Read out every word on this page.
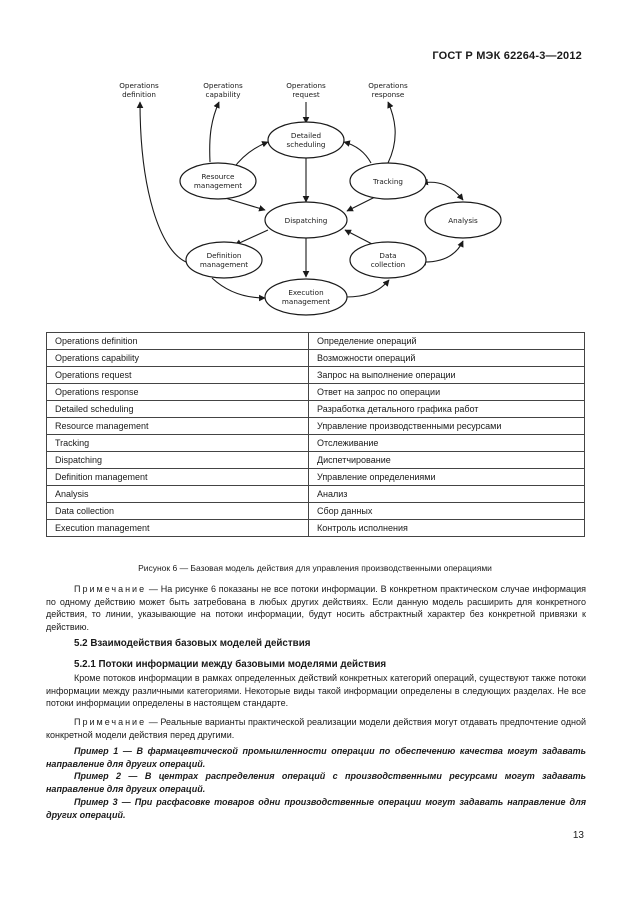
ГОСТ Р МЭК 62264-3—2012
Operations
definition
Operations
capability
Operations
request
Operations
response
Detailed
scheduling
Resource
management	Tracking
Dispatching	Analysis
Definition
management
Data
collection
Execution
management
Operations definition	Определение операций
Operations capability	Возможности операций
Operations request	Запрос на выполнение операции
Operations response	Ответ на запрос по операции
Detailed scheduling	Разработка детального графика работ
Resource management	Управление производственными ресурсами
Tracking	Отслеживание
Dispatching	Диспетчирование
Definition management	Управление определениями
Analysis	Анализ
Data collection	Сбор данных
Execution management	Контроль исполнения
Рисунок 6 — Базовая модель действия для управления производственными операциями
Примечание — На рисунке 6 показаны не все потоки информации. В конкретном практическом случае информация по одному действию может быть затребована в любых других действиях. Если данную модель расширить для конкретного действия, то линии, указывающие на потоки информации, будут носить абстрактный характер без конкретной привязки к действию.
5.2 Взаимодействия базовых моделей действия
5.2.1 Потоки информации между базовыми моделями действия
Кроме потоков информации в рамках определенных действий конкретных категорий операций, существуют также потоки информации между различными категориями. Некоторые виды такой информации определены в следующих разделах. Не все потоки информации определены в настоящем стандарте.
Примечание — Реальные варианты практической реализации модели действия могут отдавать предпочтение одной конкретной модели действия перед другими.
Пример 1 — В фармацевтической промышленности операции по обеспечению качества могут задавать направление для других операций.
Пример 2 — В центрах распределения операций с производственными ресурсами могут задавать направление для других операций.
Пример 3 — При расфасовке товаров одни производственные операции могут задавать направление для других операций.
13
